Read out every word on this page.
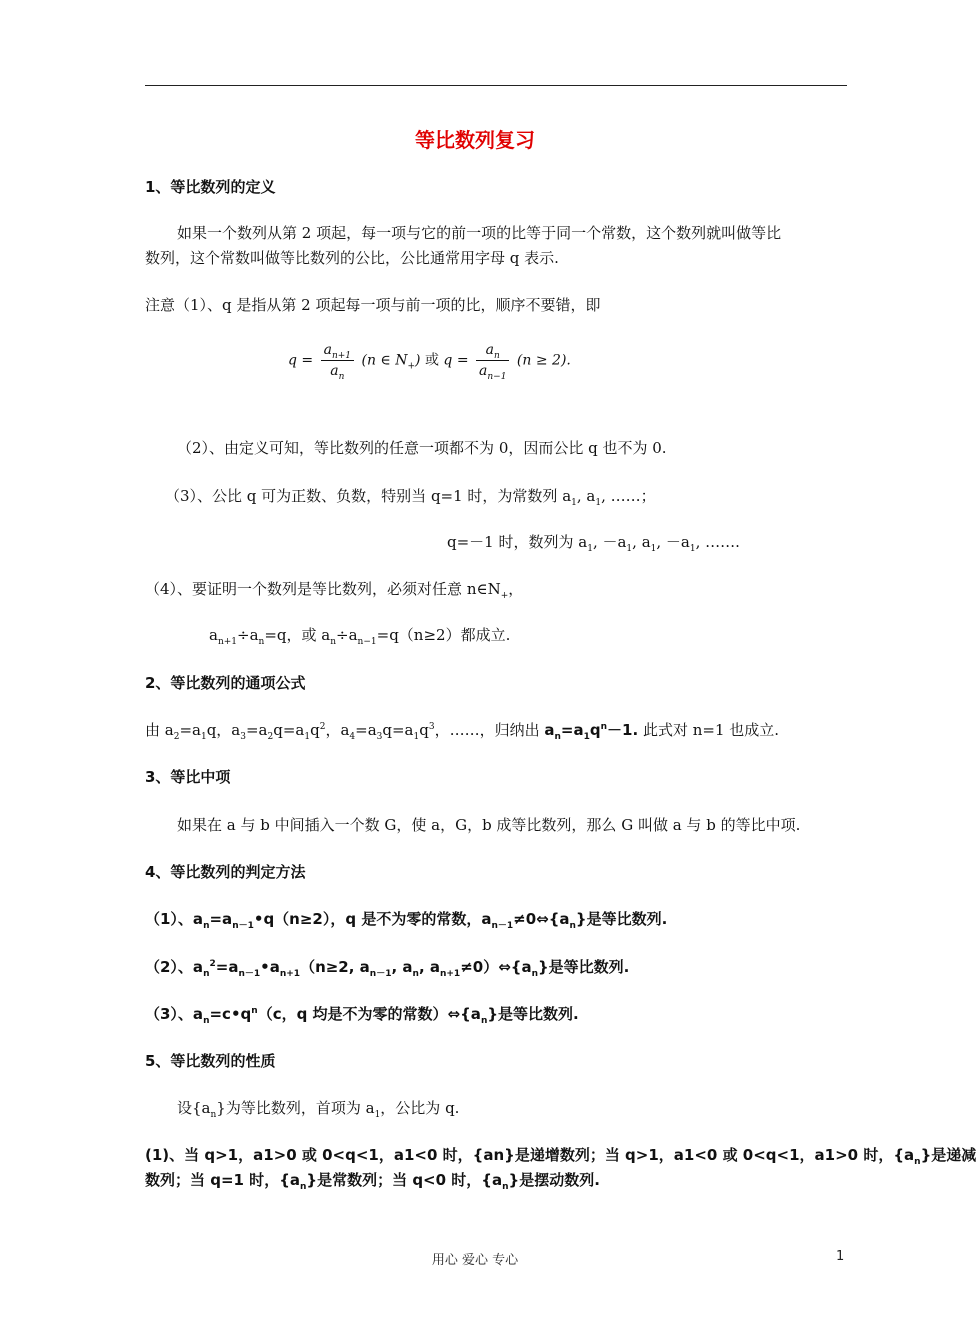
等比数列复习
1、等比数列的定义
如果一个数列从第 2 项起，每一项与它的前一项的比等于同一个常数，这个数列就叫做等比
数列，这个常数叫做等比数列的公比，公比通常用字母 q 表示.
注意（1）、q 是指从第 2 项起每一项与前一项的比，顺序不要错，即
$q = \frac{a_{n+1}}{a_n} (n$ ∈ $N_+$) 或 $q = \frac{a_n}{a_{n-1}} (n \ge 2)$.
（2）、由定义可知，等比数列的任意一项都不为 0，因而公比 q 也不为 0.
（3）、公比 q 可为正数、负数，特别当 q=1 时，为常数列 $a_1$, $a_1$, ……；
q=－1 时，数列为 $a_1$, $-a_1$, $a_1$, $-a_1$, …….
（4）、要证明一个数列是等比数列，必须对任意 $n\in N_+$，
$a_{n+1}\div a_n=q$，或 $a_n\div a_{n-1}=q(n\ge 2)$都成立.
2、等比数列的通项公式
由 $a_2=a_1q$，$a_3=a_2q=a_1q^2$，$a_4=a_3q=a_1q^3$，……，归纳出 $a_n=a_1q^n-1$. 此式对 n=1 也成立.
3、等比中项
如果在 a 与 b 中间插入一个数 G，使 a，G，b 成等比数列，那么 G 叫做 a 与 b 的等比中项.
4、等比数列的判定方法
（1）、$a_n=a_{n-1}•q(n\ge 2)$，q 是不为零的常数，$a_{n-1}\ne 0\Leftrightarrow\{a_n\}$是等比数列.
（2）、$a_n^2=a_{n-1}•a_{n+1}(n\ge 2$, $a_{n-1}$, $a_n$, $a_{n+1}\ne 0)\Leftrightarrow\{a_n\}$是等比数列.
（3）、$a_n=c•q^n(c$，q 均是不为零的常数）$\Leftrightarrow\{a_n\}$是等比数列.
5、等比数列的性质
设$\{a_n\}$为等比数列，首项为 $a_1$，公比为 q.
(1)、当 q>1，a1>0 或 0<q<1，a1<0 时，{an}是递增数列；当 q>1，a1<0 或 0<q<1，a1>0 时，$\{a_n\}$是递减
数列；当 q=1 时，$\{a_n\}$是常数列；当 q<0 时，$\{a_n\}$是摆动数列.
用心 爱心 专心	1
